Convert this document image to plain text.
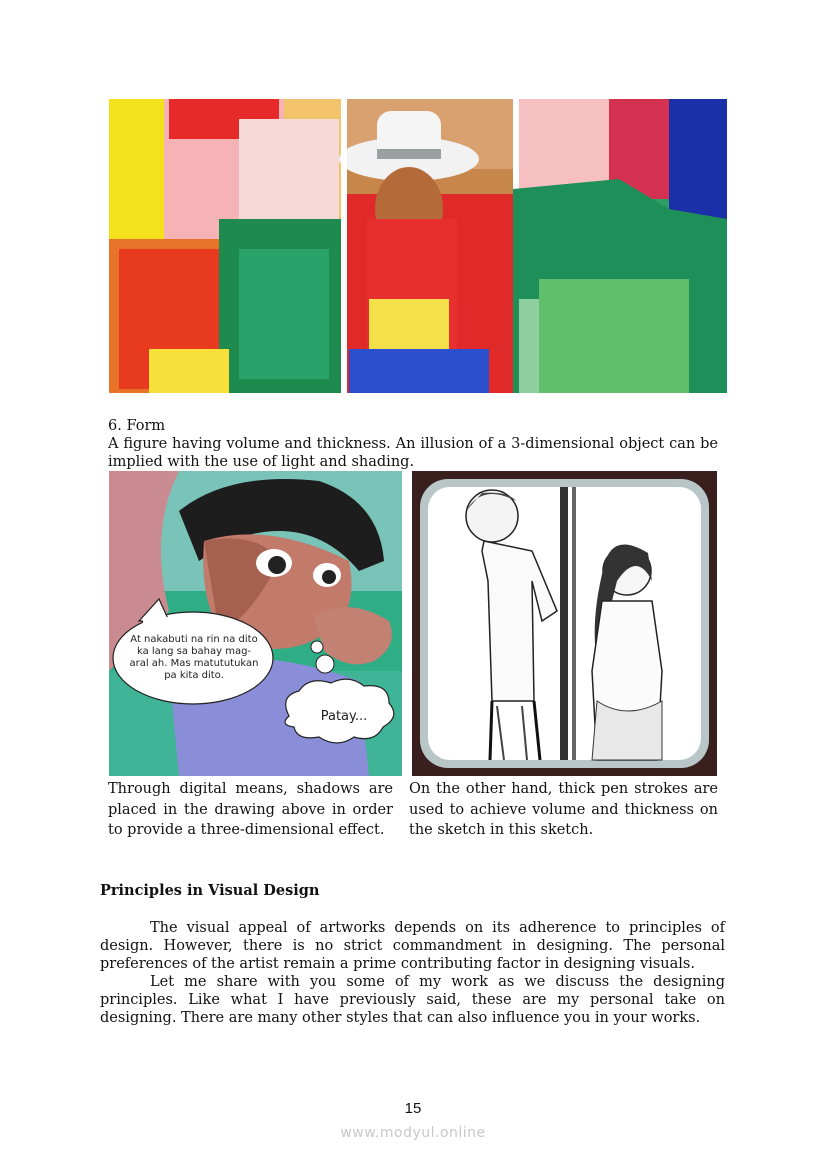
6. Form
A figure having volume and thickness. An illusion of a 3-dimensional object can be implied with the use of light and shading.
At nakabuti na rin na dito ka lang sa bahay mag-aral ah. Mas matututukan pa kita dito.
Patay...
Through digital means, shadows are placed in the drawing above in order to provide a three-dimensional effect.
On the other hand, thick pen strokes are used to achieve volume and thickness on the sketch in this sketch.
Principles in Visual Design
The visual appeal of artworks depends on its adherence to principles of design. However, there is no strict commandment in designing. The personal preferences of the artist remain a prime contributing factor in designing visuals.
Let me share with you some of my work as we discuss the designing principles. Like what I have previously said, these are my personal take on designing. There are many other styles that can also influence you in your works.
15
www.modyul.online
